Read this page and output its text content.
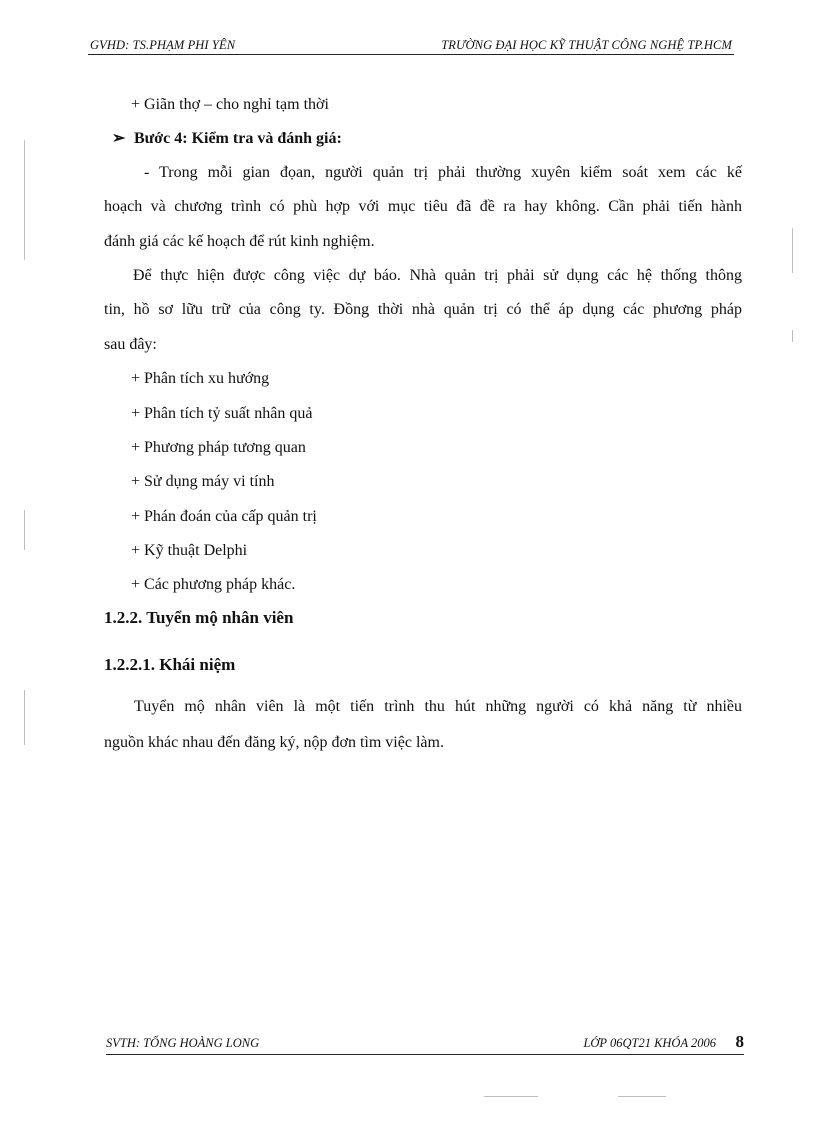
GVHD: TS.PHẠM PHI YÊN	TRƯỜNG ĐẠI HỌC KỸ THUẬT CÔNG NGHỆ TP.HCM
+ Giãn thợ – cho nghỉ tạm thời
➢ Bước 4: Kiểm tra và đánh giá:
- Trong mỗi gian đọan, người quản trị phải thường xuyên kiểm soát xem các kế
hoạch và chương trình có phù hợp với mục tiêu đã đề ra hay không. Cần phải tiến hành
đánh giá các kế hoạch để rút kinh nghiệm.
Để thực hiện được công việc dự báo. Nhà quản trị phải sử dụng các hệ thống thông
tin, hồ sơ lữu trữ của công ty. Đồng thời nhà quản trị có thể áp dụng các phương pháp
sau đây:
+ Phân tích xu hướng
+ Phân tích tỷ suất nhân quả
+ Phương pháp tương quan
+ Sử dụng máy vi tính
+ Phán đoán của cấp quản trị
+ Kỹ thuật Delphi
+ Các phương pháp khác.
1.2.2. Tuyển mộ nhân viên
1.2.2.1. Khái niệm
Tuyển mộ nhân viên là một tiến trình thu hút những người có khả năng từ nhiều
nguồn khác nhau đến đăng ký, nộp đơn tìm việc làm.
SVTH: TỐNG HOÀNG LONG	LỚP 06QT21 KHÓA 2006 8
